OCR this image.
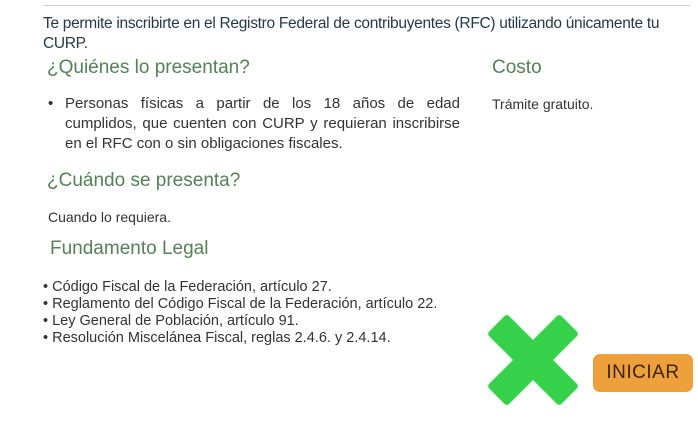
Te permite inscribirte en el Registro Federal de contribuyentes (RFC) utilizando únicamente tu CURP.

¿Quiénes lo presentan?
• Personas físicas a partir de los 18 años de edad cumplidos, que cuenten con CURP y requieran inscribirse en el RFC con o sin obligaciones fiscales.
Costo

Trámite gratuito.

¿Cuándo se presenta?

Cuando lo requiera.

Fundamento Legal
• Código Fiscal de la Federación, artículo 27.
• Reglamento del Código Fiscal de la Federación, artículo 22.
• Ley General de Población, artículo 91.
• Resolución Miscelánea Fiscal, reglas 2.4.6. y 2.4.14.
INICIAR
